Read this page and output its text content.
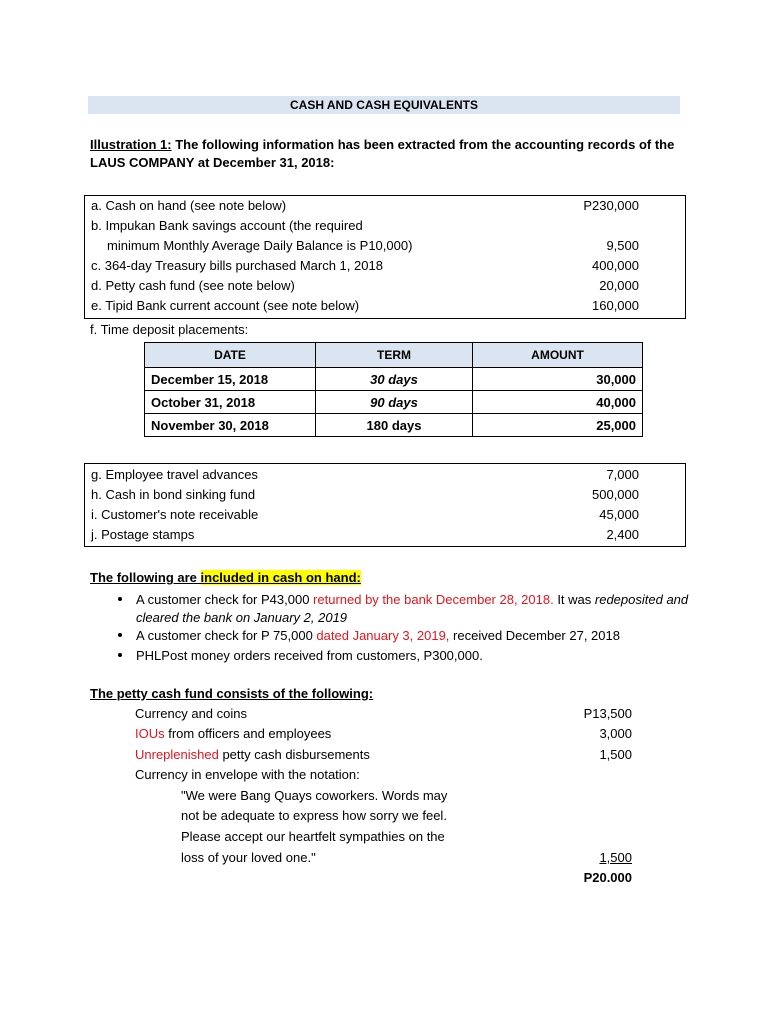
CASH AND CASH EQUIVALENTS
Illustration 1: The following information has been extracted from the accounting records of the LAUS COMPANY at December 31, 2018:
a. Cash on hand (see note below)	P230,000
b. Impukan Bank savings account (the required
minimum Monthly Average Daily Balance is P10,000)	9,500
c. 364-day Treasury bills purchased March 1, 2018	400,000
d. Petty cash fund (see note below)	20,000
e. Tipid Bank current account (see note below)	160,000
f. Time deposit placements:
DATE	TERM	AMOUNT
December 15, 2018	30 days	30,000
October 31, 2018	90 days	40,000
November 30, 2018	180 days	25,000
g. Employee travel advances	7,000
h. Cash in bond sinking fund	500,000
i. Customer's note receivable	45,000
j. Postage stamps	2,400
The following are included in cash on hand:
A customer check for P43,000 returned by the bank December 28, 2018. It was redeposited and cleared the bank on January 2, 2019
A customer check for P 75,000 dated January 3, 2019, received December 27, 2018
PHLPost money orders received from customers, P300,000.
The petty cash fund consists of the following:
Currency and coins	P13,500
IOUs from officers and employees	3,000
Unreplenished petty cash disbursements	1,500
Currency in envelope with the notation:
"We were Bang Quays coworkers. Words may
not be adequate to express how sorry we feel.
Please accept our heartfelt sympathies on the
loss of your loved one."	1,500
P20.000
